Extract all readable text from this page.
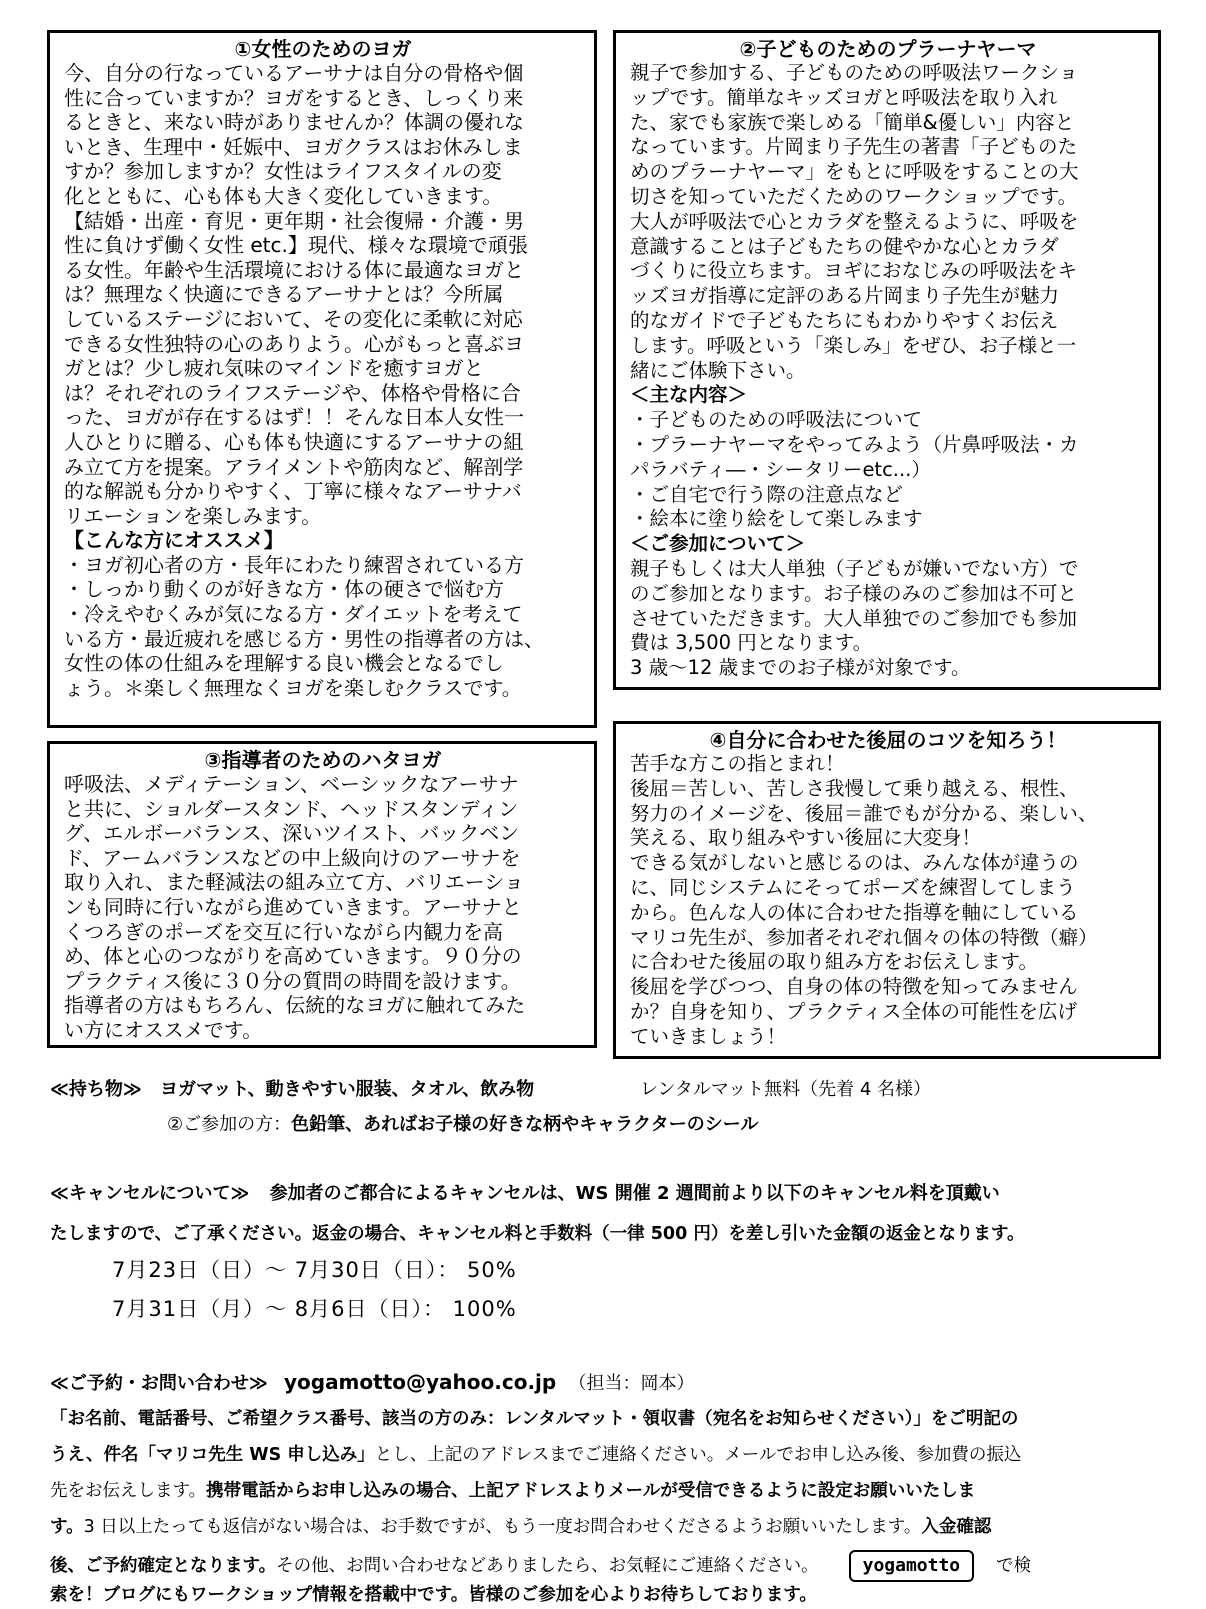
①女性のためのヨガ

今、自分の行なっているアーサナは自分の骨格や個

性に合っていますか？ヨガをするとき、しっくり来

るときと、来ない時がありませんか？体調の優れな

いとき、生理中・妊娠中、ヨガクラスはお休みしま

すか？参加しますか？女性はライフスタイルの変

化とともに、心も体も大きく変化していきます。

【結婚・出産・育児・更年期・社会復帰・介護・男

性に負けず働く女性 etc.】現代、様々な環境で頑張

る女性。年齢や生活環境における体に最適なヨガと

は？無理なく快適にできるアーサナとは？今所属

しているステージにおいて、その変化に柔軟に対応

できる女性独特の心のありよう。心がもっと喜ぶヨ

ガとは？少し疲れ気味のマインドを癒すヨガと

は？それぞれのライフステージや、体格や骨格に合

った、ヨガが存在するはず！！そんな日本人女性一

人ひとりに贈る、心も体も快適にするアーサナの組

み立て方を提案。アライメントや筋肉など、解剖学

的な解説も分かりやすく、丁寧に様々なアーサナバ

リエーションを楽しみます。

【こんな方にオススメ】

・ヨガ初心者の方・長年にわたり練習されている方

・しっかり動くのが好きな方・体の硬さで悩む方

・冷えやむくみが気になる方・ダイエットを考えて

いる方・最近疲れを感じる方・男性の指導者の方は、

女性の体の仕組みを理解する良い機会となるでし

ょう。＊楽しく無理なくヨガを楽しむクラスです。

②子どものためのプラーナヤーマ

親子で参加する、子どものための呼吸法ワークショ

ップです。簡単なキッズヨガと呼吸法を取り入れ

た、家でも家族で楽しめる「簡単&優しい」内容と

なっています。片岡まり子先生の著書「子どものた

めのプラーナヤーマ」をもとに呼吸をすることの大

切さを知っていただくためのワークショップです。

大人が呼吸法で心とカラダを整えるように、呼吸を

意識することは子どもたちの健やかな心とカラダ

づくりに役立ちます。ヨギにおなじみの呼吸法をキ

ッズヨガ指導に定評のある片岡まり子先生が魅力

的なガイドで子どもたちにもわかりやすくお伝え

します。呼吸という「楽しみ」をぜひ、お子様と一

緒にご体験下さい。

＜主な内容＞

・子どものための呼吸法について

・プラーナヤーマをやってみよう（片鼻呼吸法・カ

パラバティ―・シータリーetc...）

・ご自宅で行う際の注意点など

・絵本に塗り絵をして楽しみます

＜ご参加について＞

親子もしくは大人単独（子どもが嫌いでない方）で

のご参加となります。お子様のみのご参加は不可と

させていただきます。大人単独でのご参加でも参加

費は 3,500 円となります。

3 歳～12 歳までのお子様が対象です。

③指導者のためのハタヨガ

呼吸法、メディテーション、ベーシックなアーサナ

と共に、ショルダースタンド、ヘッドスタンディン

グ、エルボーバランス、深いツイスト、バックベン

ド、アームバランスなどの中上級向けのアーサナを

取り入れ、また軽減法の組み立て方、バリエーショ

ンも同時に行いながら進めていきます。アーサナと

くつろぎのポーズを交互に行いながら内観力を高

め、体と心のつながりを高めていきます。９０分の

プラクティス後に３０分の質問の時間を設けます。

指導者の方はもちろん、伝統的なヨガに触れてみた

い方にオススメです。

④自分に合わせた後屈のコツを知ろう！

苦手な方この指とまれ！

後屈＝苦しい、苦しさ我慢して乗り越える、根性、

努力のイメージを、後屈＝誰でもが分かる、楽しい、

笑える、取り組みやすい後屈に大変身！

できる気がしないと感じるのは、みんな体が違うの

に、同じシステムにそってポーズを練習してしまう

から。色んな人の体に合わせた指導を軸にしている

マリコ先生が、参加者それぞれ個々の体の特徴（癖）

に合わせた後屈の取り組み方をお伝えします。

後屈を学びつつ、自身の体の特徴を知ってみません

か？自身を知り、プラクティス全体の可能性を広げ

ていきましょう！

≪持ち物≫ ヨガマット、動きやすい服装、タオル、飲み物	レンタルマット無料（先着 4 名様）
②ご参加の方：色鉛筆、あればお子様の好きな柄やキャラクターのシール
≪キャンセルについて≫ 参加者のご都合によるキャンセルは、WS 開催 2 週間前より以下のキャンセル料を頂戴い
たしますので、ご了承ください。返金の場合、キャンセル料と手数料（一律 500 円）を差し引いた金額の返金となります。
7月23日（日）～ 7月30日（日）： 50%
7月31日（月）～ 8月6日（日）： 100%
≪ご予約・お問い合わせ≫ yogamotto@yahoo.co.jp （担当：岡本）
「お名前、電話番号、ご希望クラス番号、該当の方のみ：レンタルマット・領収書（宛名をお知らせください）」をご明記の
うえ、件名「マリコ先生 WS 申し込み」とし、上記のアドレスまでご連絡ください。メールでお申し込み後、参加費の振込
先をお伝えします。携帯電話からお申し込みの場合、上記アドレスよりメールが受信できるように設定お願いいたしま
す。3 日以上たっても返信がない場合は、お手数ですが、もう一度お問合わせくださるようお願いいたします。入金確認
後、ご予約確定となります。その他、お問い合わせなどありましたら、お気軽にご連絡ください。 yogamotto で検
索を！ブログにもワークショップ情報を搭載中です。皆様のご参加を心よりお待ちしております。
